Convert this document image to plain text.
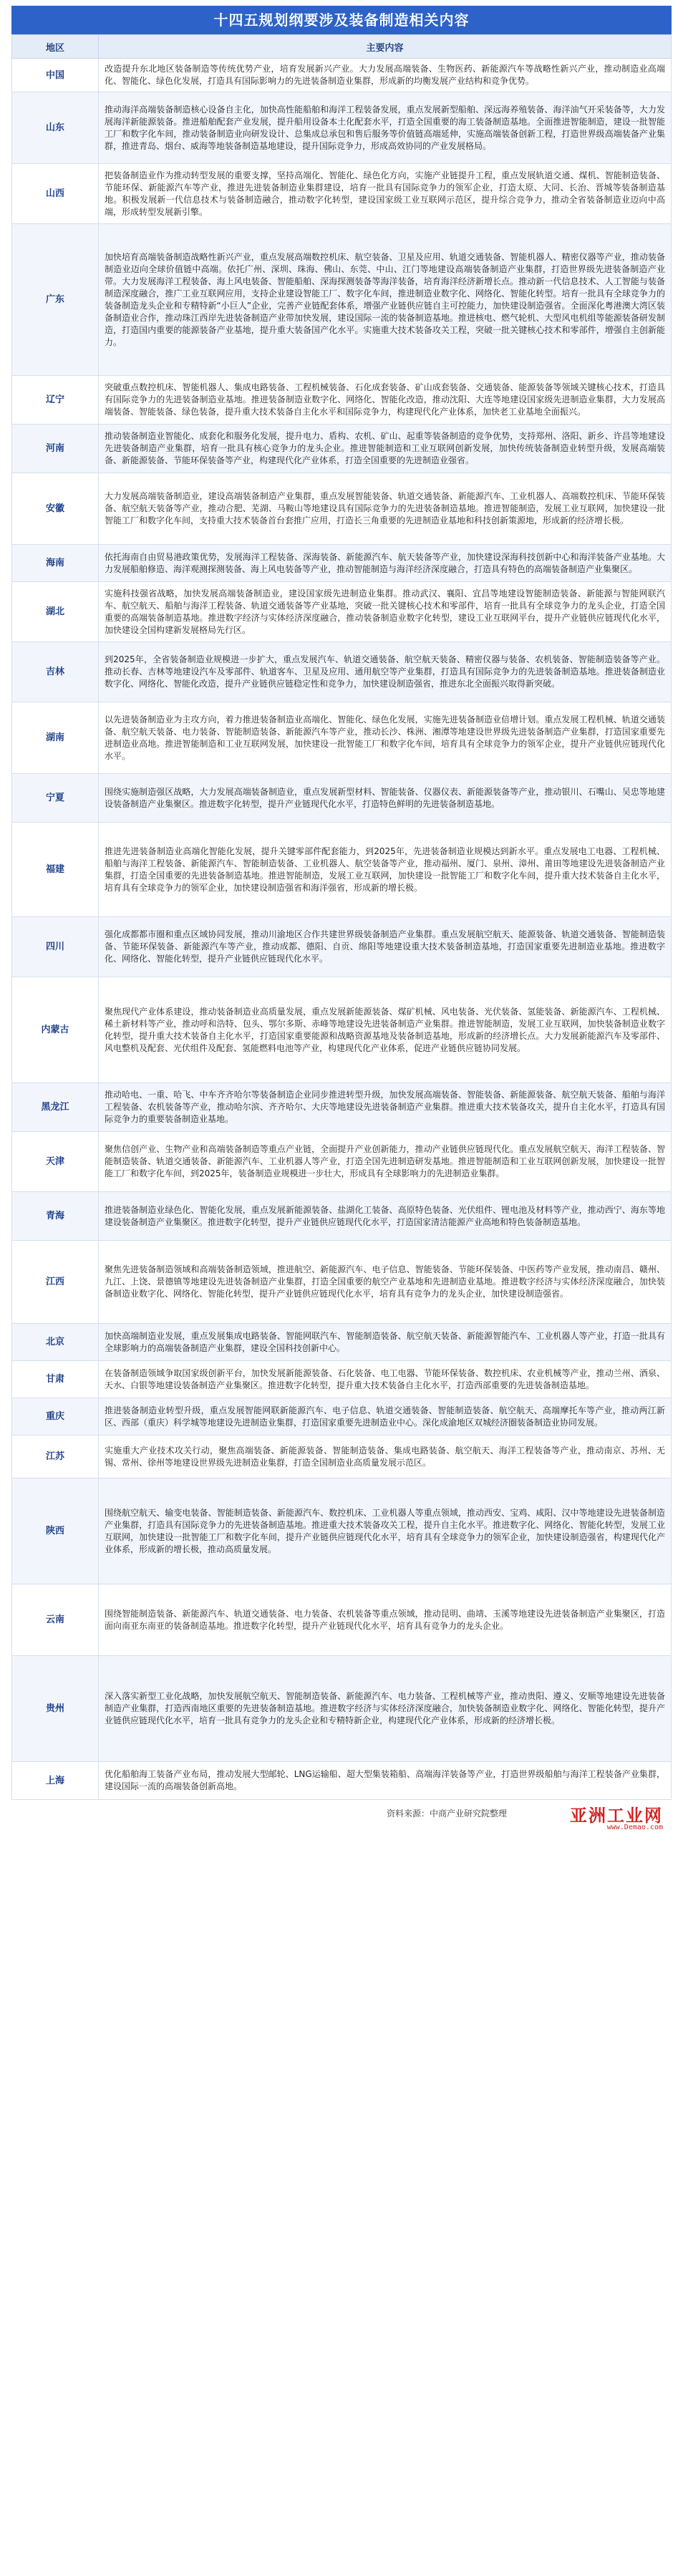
十四五规划纲要涉及装备制造相关内容
地区	主要内容
中国	改造提升东北地区装备制造等传统优势产业，培育发展新兴产业。大力发展高端装备、生物医药、新能源汽车等战略性新兴产业，推动制造业高端化、智能化、绿色化发展，打造具有国际影响力的先进装备制造业集群，形成新的均衡发展产业结构和竞争优势。
山东	推动海洋高端装备制造核心设备自主化，加快高性能船舶和海洋工程装备发展，重点发展新型船舶、深远海养殖装备、海洋油气开采装备等，大力发展海洋新能源装备。推进船舶配套产业发展，提升船用设备本土化配套水平，打造全国重要的海工装备制造基地。全面推进智能制造，建设一批智能工厂和数字化车间，推动装备制造业向研发设计、总集成总承包和售后服务等价值链高端延伸，实施高端装备创新工程，打造世界级高端装备产业集群，推进青岛、烟台、威海等地装备制造基地建设，提升国际竞争力，形成高效协同的产业发展格局。
山西	把装备制造业作为推动转型发展的重要支撑，坚持高端化、智能化、绿色化方向，实施产业链提升工程，重点发展轨道交通、煤机、智能制造装备、节能环保、新能源汽车等产业，推进先进装备制造业集群建设，培育一批具有国际竞争力的领军企业，打造太原、大同、长治、晋城等装备制造基地。积极发展新一代信息技术与装备制造融合，推动数字化转型，建设国家级工业互联网示范区，提升综合竞争力，推动全省装备制造业迈向中高端，形成转型发展新引擎。
广东	加快培育高端装备制造战略性新兴产业，重点发展高端数控机床、航空装备、卫星及应用、轨道交通装备、智能机器人、精密仪器等产业，推动装备制造业迈向全球价值链中高端。依托广州、深圳、珠海、佛山、东莞、中山、江门等地建设高端装备制造产业集群，打造世界级先进装备制造产业带。大力发展海洋工程装备、海上风电装备、智能船舶、深海探测装备等海洋装备，培育海洋经济新增长点。推动新一代信息技术、人工智能与装备制造深度融合，推广工业互联网应用，支持企业建设智能工厂、数字化车间，推进制造业数字化、网络化、智能化转型。培育一批具有全球竞争力的装备制造龙头企业和专精特新“小巨人”企业，完善产业链配套体系，增强产业链供应链自主可控能力，加快建设制造强省。全面深化粤港澳大湾区装备制造业合作，推动珠江西岸先进装备制造产业带加快发展，建设国际一流的装备制造基地。推进核电、燃气轮机、大型风电机组等能源装备研发制造，打造国内重要的能源装备产业基地，提升重大装备国产化水平。实施重大技术装备攻关工程，突破一批关键核心技术和零部件，增强自主创新能力。
辽宁	突破重点数控机床、智能机器人、集成电路装备、工程机械装备、石化成套装备、矿山成套装备、交通装备、能源装备等领域关键核心技术，打造具有国际竞争力的先进装备制造业基地。推进装备制造业数字化、网络化、智能化改造，推动沈阳、大连等地建设国家级先进制造业集群，大力发展高端装备、智能装备、绿色装备，提升重大技术装备自主化水平和国际竞争力，构建现代化产业体系，加快老工业基地全面振兴。
河南	推动装备制造业智能化、成套化和服务化发展，提升电力、盾构、农机、矿山、起重等装备制造的竞争优势，支持郑州、洛阳、新乡、许昌等地建设先进装备制造产业集群，培育一批具有核心竞争力的龙头企业。推进智能制造和工业互联网创新发展，加快传统装备制造业转型升级，发展高端装备、新能源装备、节能环保装备等产业，构建现代化产业体系，打造全国重要的先进制造业强省。
安徽	大力发展高端装备制造业，建设高端装备制造产业集群，重点发展智能装备、轨道交通装备、新能源汽车、工业机器人、高端数控机床、节能环保装备、航空航天装备等产业，推动合肥、芜湖、马鞍山等地建设具有国际竞争力的先进装备制造基地。推进智能制造，发展工业互联网，加快建设一批智能工厂和数字化车间，支持重大技术装备首台套推广应用，打造长三角重要的先进制造业基地和科技创新策源地，形成新的经济增长极。
海南	依托海南自由贸易港政策优势，发展海洋工程装备、深海装备、新能源汽车、航天装备等产业，加快建设深海科技创新中心和海洋装备产业基地。大力发展船舶修造、海洋观测探测装备、海上风电装备等产业，推动智能制造与海洋经济深度融合，打造具有特色的高端装备制造产业集聚区。
湖北	实施科技强省战略，加快发展高端装备制造业，建设国家级先进制造业集群。推动武汉、襄阳、宜昌等地建设智能制造装备、新能源与智能网联汽车、航空航天、船舶与海洋工程装备、轨道交通装备等产业基地，突破一批关键核心技术和零部件，培育一批具有全球竞争力的龙头企业，打造全国重要的高端装备制造基地。推进数字经济与实体经济深度融合，推动装备制造业数字化转型，建设工业互联网平台，提升产业链供应链现代化水平，加快建设全国构建新发展格局先行区。
吉林	到2025年，全省装备制造业规模进一步扩大，重点发展汽车、轨道交通装备、航空航天装备、精密仪器与装备、农机装备、智能制造装备等产业。推动长春、吉林等地建设汽车及零部件、轨道客车、卫星及应用、通用航空等产业集群，打造具有国际竞争力的先进装备制造基地。推进装备制造业数字化、网络化、智能化改造，提升产业链供应链稳定性和竞争力，加快建设制造强省，推进东北全面振兴取得新突破。
湖南	以先进装备制造业为主攻方向，着力推进装备制造业高端化、智能化、绿色化发展，实施先进装备制造业倍增计划。重点发展工程机械、轨道交通装备、航空航天装备、电力装备、智能制造装备、新能源汽车等产业，推动长沙、株洲、湘潭等地建设世界级先进装备制造产业集群，打造国家重要先进制造业高地。推进智能制造和工业互联网发展，加快建设一批智能工厂和数字化车间，培育具有全球竞争力的领军企业，提升产业链供应链现代化水平。
宁夏	围绕实施制造强区战略，大力发展高端装备制造业，重点发展新型材料、智能装备、仪器仪表、新能源装备等产业，推动银川、石嘴山、吴忠等地建设装备制造产业集聚区。推进数字化转型，提升产业链现代化水平，打造特色鲜明的先进装备制造基地。
福建	推进先进装备制造业高端化智能化发展，提升关键零部件配套能力，到2025年，先进装备制造业规模达到新水平。重点发展电工电器、工程机械、船舶与海洋工程装备、新能源汽车、智能制造装备、工业机器人、航空装备等产业，推动福州、厦门、泉州、漳州、莆田等地建设先进装备制造产业集群，打造全国重要的先进装备制造基地。推进智能制造，发展工业互联网，加快建设一批智能工厂和数字化车间，提升重大技术装备自主化水平，培育具有全球竞争力的领军企业，加快建设制造强省和海洋强省，形成新的增长极。
四川	强化成都都市圈和重点区域协同发展，推动川渝地区合作共建世界级装备制造产业集群。重点发展航空航天、能源装备、轨道交通装备、智能制造装备、节能环保装备、新能源汽车等产业，推动成都、德阳、自贡、绵阳等地建设重大技术装备制造基地，打造国家重要先进制造业基地。推进数字化、网络化、智能化转型，提升产业链供应链现代化水平。
内蒙古	聚焦现代产业体系建设，推动装备制造业高质量发展，重点发展新能源装备、煤矿机械、风电装备、光伏装备、氢能装备、新能源汽车、工程机械、稀土新材料等产业，推动呼和浩特、包头、鄂尔多斯、赤峰等地建设先进装备制造产业集群。推进智能制造，发展工业互联网，加快装备制造业数字化转型，提升重大技术装备自主化水平，打造国家重要能源和战略资源基地及装备制造基地，形成新的经济增长点。大力发展新能源汽车及零部件、风电整机及配套、光伏组件及配套、氢能燃料电池等产业，构建现代化产业体系，促进产业链供应链协同发展。
黑龙江	推动哈电、一重、哈飞、中车齐齐哈尔等装备制造企业同步推进转型升级，加快发展高端装备、智能装备、新能源装备、航空航天装备、船舶与海洋工程装备、农机装备等产业，推动哈尔滨、齐齐哈尔、大庆等地建设先进装备制造产业集群。推进重大技术装备攻关，提升自主化水平，打造具有国际竞争力的重要装备制造业基地。
天津	聚焦信创产业、生物产业和高端装备制造等重点产业链，全面提升产业创新能力，推动产业链供应链现代化。重点发展航空航天、海洋工程装备、智能制造装备、轨道交通装备、新能源汽车、工业机器人等产业，打造全国先进制造研发基地。推进智能制造和工业互联网创新发展，加快建设一批智能工厂和数字化车间，到2025年，装备制造业规模进一步壮大，形成具有全球影响力的先进制造业集群。
青海	推进装备制造业绿色化、智能化发展，重点发展新能源装备、盐湖化工装备、高原特色装备、光伏组件、锂电池及材料等产业，推动西宁、海东等地建设装备制造产业集聚区。推进数字化转型，提升产业链供应链现代化水平，打造国家清洁能源产业高地和特色装备制造基地。
江西	聚焦先进装备制造领域和高端装备制造领域，推进航空、新能源汽车、电子信息、智能装备、节能环保装备、中医药等产业发展，推动南昌、赣州、九江、上饶、景德镇等地建设先进装备制造产业集群，打造全国重要的航空产业基地和先进制造业基地。推进数字经济与实体经济深度融合，加快装备制造业数字化、网络化、智能化转型，提升产业链供应链现代化水平，培育具有竞争力的龙头企业，加快建设制造强省。
北京	加快高端制造业发展，重点发展集成电路装备、智能网联汽车、智能制造装备、航空航天装备、新能源智能汽车、工业机器人等产业，打造一批具有全球影响力的高端装备制造产业集群，建设全国科技创新中心。
甘肃	在装备制造领域争取国家级创新平台，加快发展新能源装备、石化装备、电工电器、节能环保装备、数控机床、农业机械等产业，推动兰州、酒泉、天水、白银等地建设装备制造产业集聚区。推进数字化转型，提升重大技术装备自主化水平，打造西部重要的先进装备制造基地。
重庆	推进装备制造业转型升级，重点发展智能网联新能源汽车、电子信息、轨道交通装备、智能制造装备、航空航天、高端摩托车等产业，推动两江新区、西部（重庆）科学城等地建设先进制造业集群，打造国家重要先进制造业中心。深化成渝地区双城经济圈装备制造业协同发展。
江苏	实施重大产业技术攻关行动，聚焦高端装备、新能源装备、智能制造装备、集成电路装备、航空航天、海洋工程装备等产业，推动南京、苏州、无锡、常州、徐州等地建设世界级先进制造业集群，打造全国制造业高质量发展示范区。
陕西	围绕航空航天、输变电装备、智能制造装备、新能源汽车、数控机床、工业机器人等重点领域，推动西安、宝鸡、咸阳、汉中等地建设先进装备制造产业集群，打造具有国际竞争力的先进装备制造基地。推进重大技术装备攻关工程，提升自主化水平。推进数字化、网络化、智能化转型，发展工业互联网，加快建设一批智能工厂和数字化车间，提升产业链供应链现代化水平，培育具有全球竞争力的领军企业，加快建设制造强省，构建现代化产业体系，形成新的增长极，推动高质量发展。
云南	围绕智能制造装备、新能源汽车、轨道交通装备、电力装备、农机装备等重点领域，推动昆明、曲靖、玉溪等地建设先进装备制造产业集聚区，打造面向南亚东南亚的装备制造基地。推进数字化转型，提升产业链现代化水平，培育具有竞争力的龙头企业。
贵州	深入落实新型工业化战略，加快发展航空航天、智能制造装备、新能源汽车、电力装备、工程机械等产业，推动贵阳、遵义、安顺等地建设先进装备制造产业集群，打造西南地区重要的先进装备制造基地。推进数字经济与实体经济深度融合，加快装备制造业数字化、网络化、智能化转型，提升产业链供应链现代化水平，培育一批具有竞争力的龙头企业和专精特新企业，构建现代化产业体系，形成新的经济增长极。
上海	优化船舶海工装备产业布局，推动发展大型邮轮、LNG运输船、超大型集装箱船、高端海洋装备等产业，打造世界级船舶与海洋工程装备产业集群，建设国际一流的高端装备创新高地。
资料来源：中商产业研究院整理	亚洲工业网
www.Demao.com
